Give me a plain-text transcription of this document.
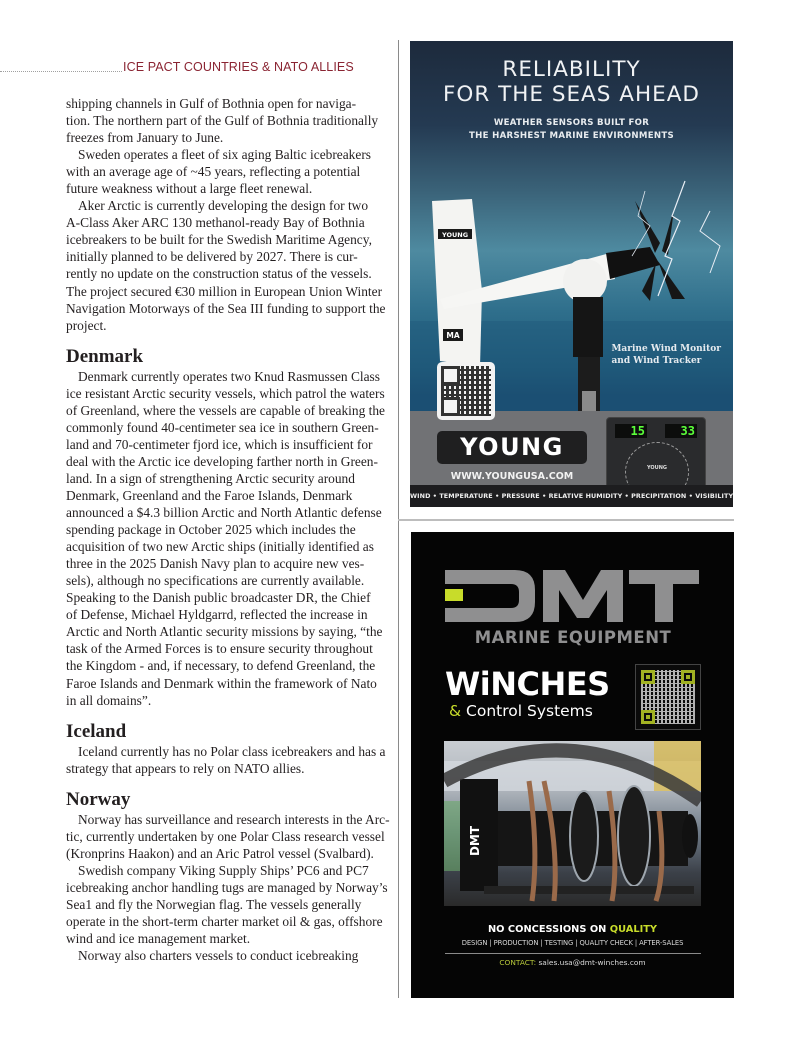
ICE PACT COUNTRIES & NATO ALLIES

shipping channels in Gulf of Bothnia open for naviga-

tion. The northern part of the Gulf of Bothnia traditionally

freezes from January to June.

Sweden operates a fleet of six aging Baltic icebreakers

with an average age of ~45 years, reflecting a potential

future weakness without a large fleet renewal.

Aker Arctic is currently developing the design for two

A-Class Aker ARC 130 methanol-ready Bay of Bothnia

icebreakers to be built for the Swedish Maritime Agency,

initially planned to be delivered by 2027. There is cur-

rently no update on the construction status of the vessels.

The project secured €30 million in European Union Winter

Navigation Motorways of the Sea III funding to support the

project.

Denmark

Denmark currently operates two Knud Rasmussen Class

ice resistant Arctic security vessels, which patrol the waters

of Greenland, where the vessels are capable of breaking the

commonly found 40-centimeter sea ice in southern Green-

land and 70-centimeter fjord ice, which is insufficient for

deal with the Arctic ice developing farther north in Green-

land. In a sign of strengthening Arctic security around

Denmark, Greenland and the Faroe Islands, Denmark

announced a $4.3 billion Arctic and North Atlantic defense

spending package in October 2025 which includes the

acquisition of two new Arctic ships (initially identified as

three in the 2025 Danish Navy plan to acquire new ves-

sels), although no specifications are currently available.

Speaking to the Danish public broadcaster DR, the Chief

of Defense, Michael Hyldgarrd, reflected the increase in

Arctic and North Atlantic security missions by saying, “the

task of the Armed Forces is to ensure security throughout

the Kingdom - and, if necessary, to defend Greenland, the

Faroe Islands and Denmark within the framework of Nato

in all domains”.

Iceland

Iceland currently has no Polar class icebreakers and has a

strategy that appears to rely on NATO allies.

Norway

Norway has surveillance and research interests in the Arc-

tic, currently undertaken by one Polar Class research vessel

(Kronprins Haakon) and an Aric Patrol vessel (Svalbard).

Swedish company Viking Supply Ships’ PC6 and PC7

icebreaking anchor handling tugs are managed by Norway’s

Sea1 and fly the Norwegian flag. The vessels generally

operate in the short-term charter market oil & gas, offshore

wind and ice management market.

Norway also charters vessels to conduct icebreaking

YOUNG
MA
RELIABILITY
FOR THE SEAS AHEAD
WEATHER SENSORS BUILT FOR
THE HARSHEST MARINE ENVIRONMENTS
Marine Wind Monitor
and Wind Tracker
YOUNG
WWW.YOUNGUSA.COM
15	33
YOUNG
WIND • TEMPERATURE • PRESSURE • RELATIVE HUMIDITY • PRECIPITATION • VISIBILITY
MARINE EQUIPMENT
WiNCHES
& Control Systems
DMT
NO CONCESSIONS ON QUALITY
DESIGN | PRODUCTION | TESTING | QUALITY CHECK | AFTER-SALES
CONTACT: sales.usa@dmt-winches.com
